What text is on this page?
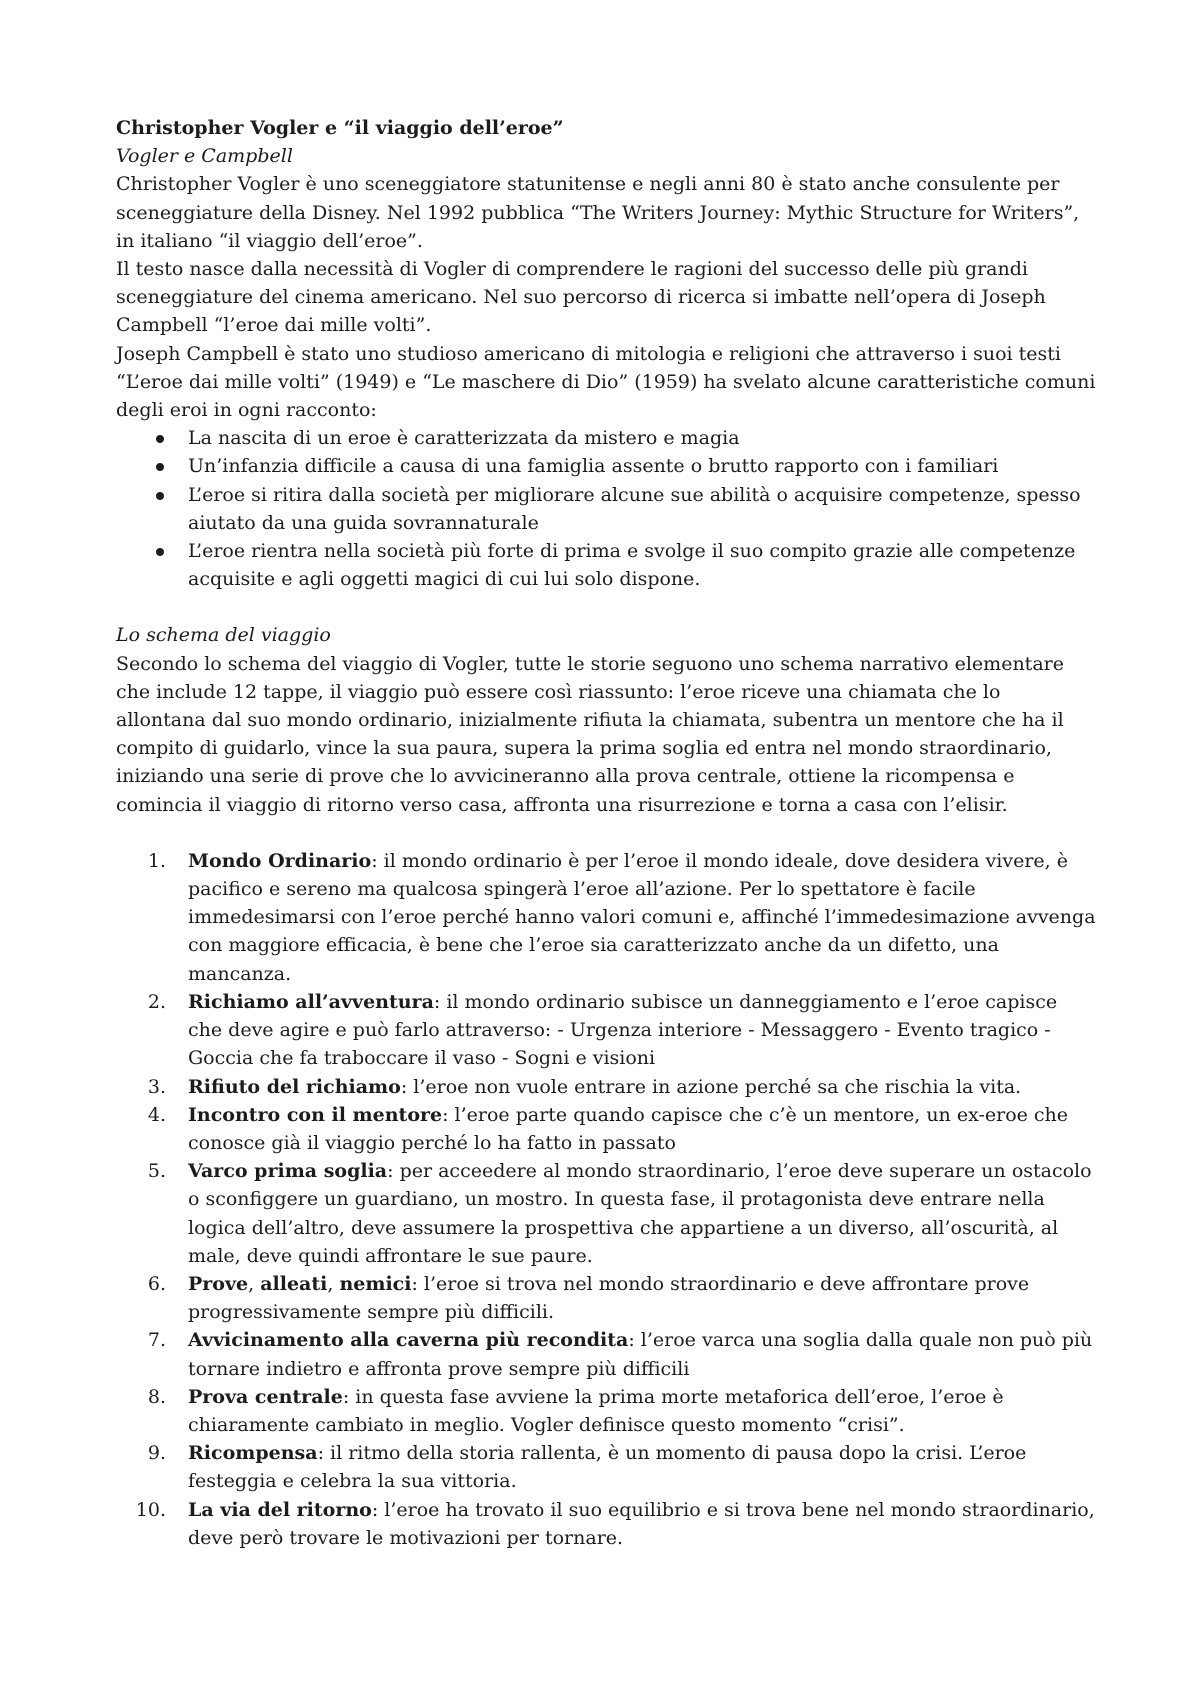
Christopher Vogler e “il viaggio dell’eroe”

Vogler e Campbell

Christopher Vogler è uno sceneggiatore statunitense e negli anni 80 è stato anche consulente per sceneggiature della Disney. Nel 1992 pubblica “The Writers Journey: Mythic Structure for Writers”, in italiano “il viaggio dell’eroe”.

Il testo nasce dalla necessità di Vogler di comprendere le ragioni del successo delle più grandi sceneggiature del cinema americano. Nel suo percorso di ricerca si imbatte nell’opera di Joseph Campbell “l’eroe dai mille volti”.

Joseph Campbell è stato uno studioso americano di mitologia e religioni che attraverso i suoi testi “L’eroe dai mille volti” (1949) e “Le maschere di Dio” (1959) ha svelato alcune caratteristiche comuni degli eroi in ogni racconto:

La nascita di un eroe è caratterizzata da mistero e magia
Un’infanzia difficile a causa di una famiglia assente o brutto rapporto con i familiari
L’eroe si ritira dalla società per migliorare alcune sue abilità o acquisire competenze, spesso aiutato da una guida sovrannaturale
L’eroe rientra nella società più forte di prima e svolge il suo compito grazie alle competenze acquisite e agli oggetti magici di cui lui solo dispone.

Lo schema del viaggio

Secondo lo schema del viaggio di Vogler, tutte le storie seguono uno schema narrativo elementare che include 12 tappe, il viaggio può essere così riassunto: l’eroe riceve una chiamata che lo allontana dal suo mondo ordinario, inizialmente rifiuta la chiamata, subentra un mentore che ha il compito di guidarlo, vince la sua paura, supera la prima soglia ed entra nel mondo straordinario, iniziando una serie di prove che lo avvicineranno alla prova centrale, ottiene la ricompensa e comincia il viaggio di ritorno verso casa, affronta una risurrezione e torna a casa con l’elisir.

1. Mondo Ordinario: il mondo ordinario è per l’eroe il mondo ideale, dove desidera vivere, è pacifico e sereno ma qualcosa spingerà l’eroe all’azione. Per lo spettatore è facile immedesimarsi con l’eroe perché hanno valori comuni e, affinché l’immedesimazione avvenga con maggiore efficacia, è bene che l’eroe sia caratterizzato anche da un difetto, una mancanza.
2. Richiamo all’avventura: il mondo ordinario subisce un danneggiamento e l’eroe capisce che deve agire e può farlo attraverso: - Urgenza interiore - Messaggero - Evento tragico - Goccia che fa traboccare il vaso - Sogni e visioni
3. Rifiuto del richiamo: l’eroe non vuole entrare in azione perché sa che rischia la vita.
4. Incontro con il mentore: l’eroe parte quando capisce che c’è un mentore, un ex-eroe che conosce già il viaggio perché lo ha fatto in passato
5. Varco prima soglia: per acceedere al mondo straordinario, l’eroe deve superare un ostacolo o sconfiggere un guardiano, un mostro. In questa fase, il protagonista deve entrare nella logica dell’altro, deve assumere la prospettiva che appartiene a un diverso, all’oscurità, al male, deve quindi affrontare le sue paure.
6. Prove, alleati, nemici: l’eroe si trova nel mondo straordinario e deve affrontare prove progressivamente sempre più difficili.
7. Avvicinamento alla caverna più recondita: l’eroe varca una soglia dalla quale non può più tornare indietro e affronta prove sempre più difficili
8. Prova centrale: in questa fase avviene la prima morte metaforica dell’eroe, l’eroe è chiaramente cambiato in meglio. Vogler definisce questo momento “crisi”.
9. Ricompensa: il ritmo della storia rallenta, è un momento di pausa dopo la crisi. L’eroe festeggia e celebra la sua vittoria.
10. La via del ritorno: l’eroe ha trovato il suo equilibrio e si trova bene nel mondo straordinario, deve però trovare le motivazioni per tornare.
